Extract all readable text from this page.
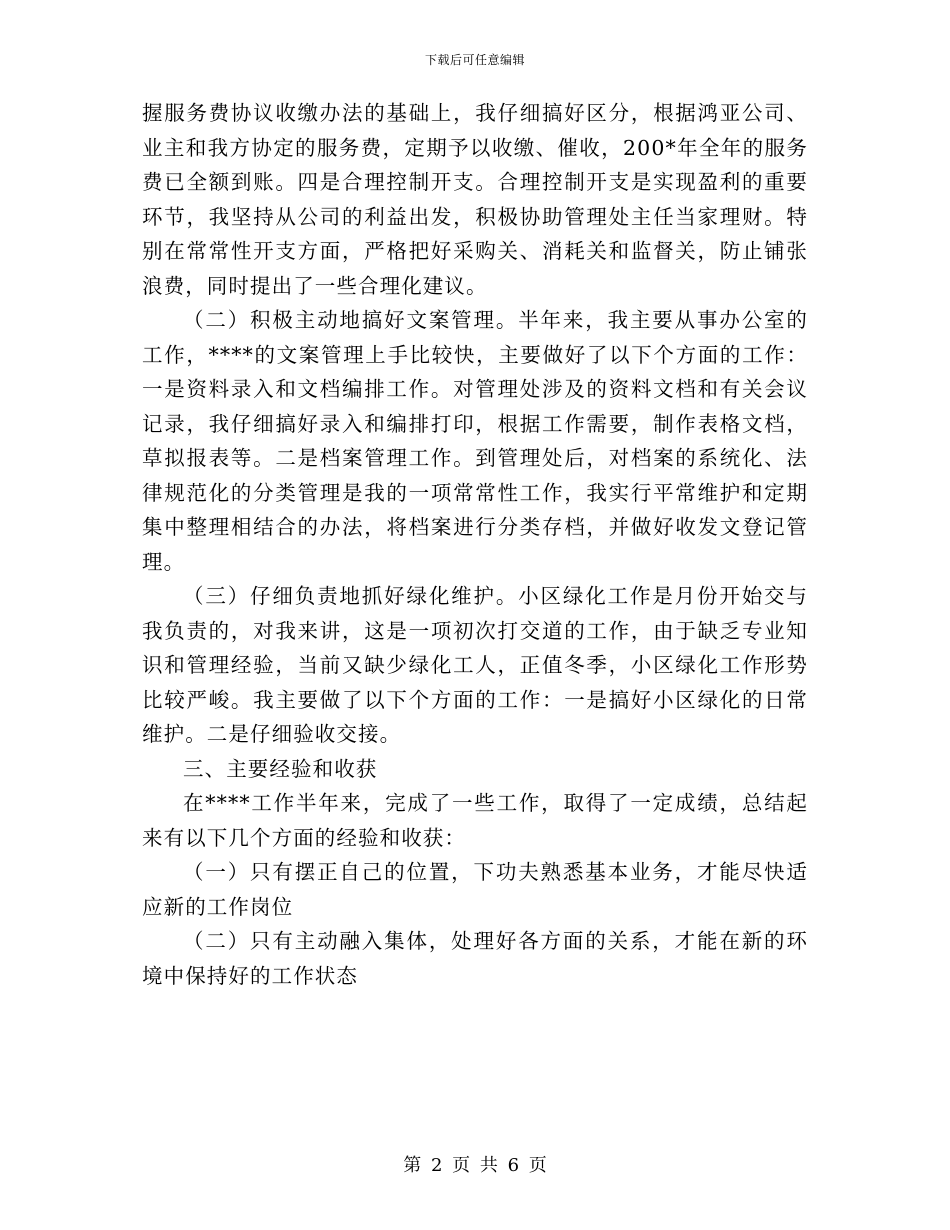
下载后可任意编辑

握服务费协议收缴办法的基础上，我仔细搞好区分，根据鸿亚公司、业主和我方协定的服务费，定期予以收缴、催收，200*年全年的服务费已全额到账。四是合理控制开支。合理控制开支是实现盈利的重要环节，我坚持从公司的利益出发，积极协助管理处主任当家理财。特别在常常性开支方面，严格把好采购关、消耗关和监督关，防止铺张浪费，同时提出了一些合理化建议。

（二）积极主动地搞好文案管理。半年来，我主要从事办公室的工作，****的文案管理上手比较快，主要做好了以下个方面的工作：一是资料录入和文档编排工作。对管理处涉及的资料文档和有关会议记录，我仔细搞好录入和编排打印，根据工作需要，制作表格文档，草拟报表等。二是档案管理工作。到管理处后，对档案的系统化、法律规范化的分类管理是我的一项常常性工作，我实行平常维护和定期集中整理相结合的办法，将档案进行分类存档，并做好收发文登记管理。

（三）仔细负责地抓好绿化维护。小区绿化工作是月份开始交与我负责的，对我来讲，这是一项初次打交道的工作，由于缺乏专业知识和管理经验，当前又缺少绿化工人，正值冬季，小区绿化工作形势比较严峻。我主要做了以下个方面的工作：一是搞好小区绿化的日常维护。二是仔细验收交接。

三、主要经验和收获

在****工作半年来，完成了一些工作，取得了一定成绩，总结起来有以下几个方面的经验和收获：

（一）只有摆正自己的位置，下功夫熟悉基本业务，才能尽快适应新的工作岗位

（二）只有主动融入集体，处理好各方面的关系，才能在新的环境中保持好的工作状态

第 2 页 共 6 页
